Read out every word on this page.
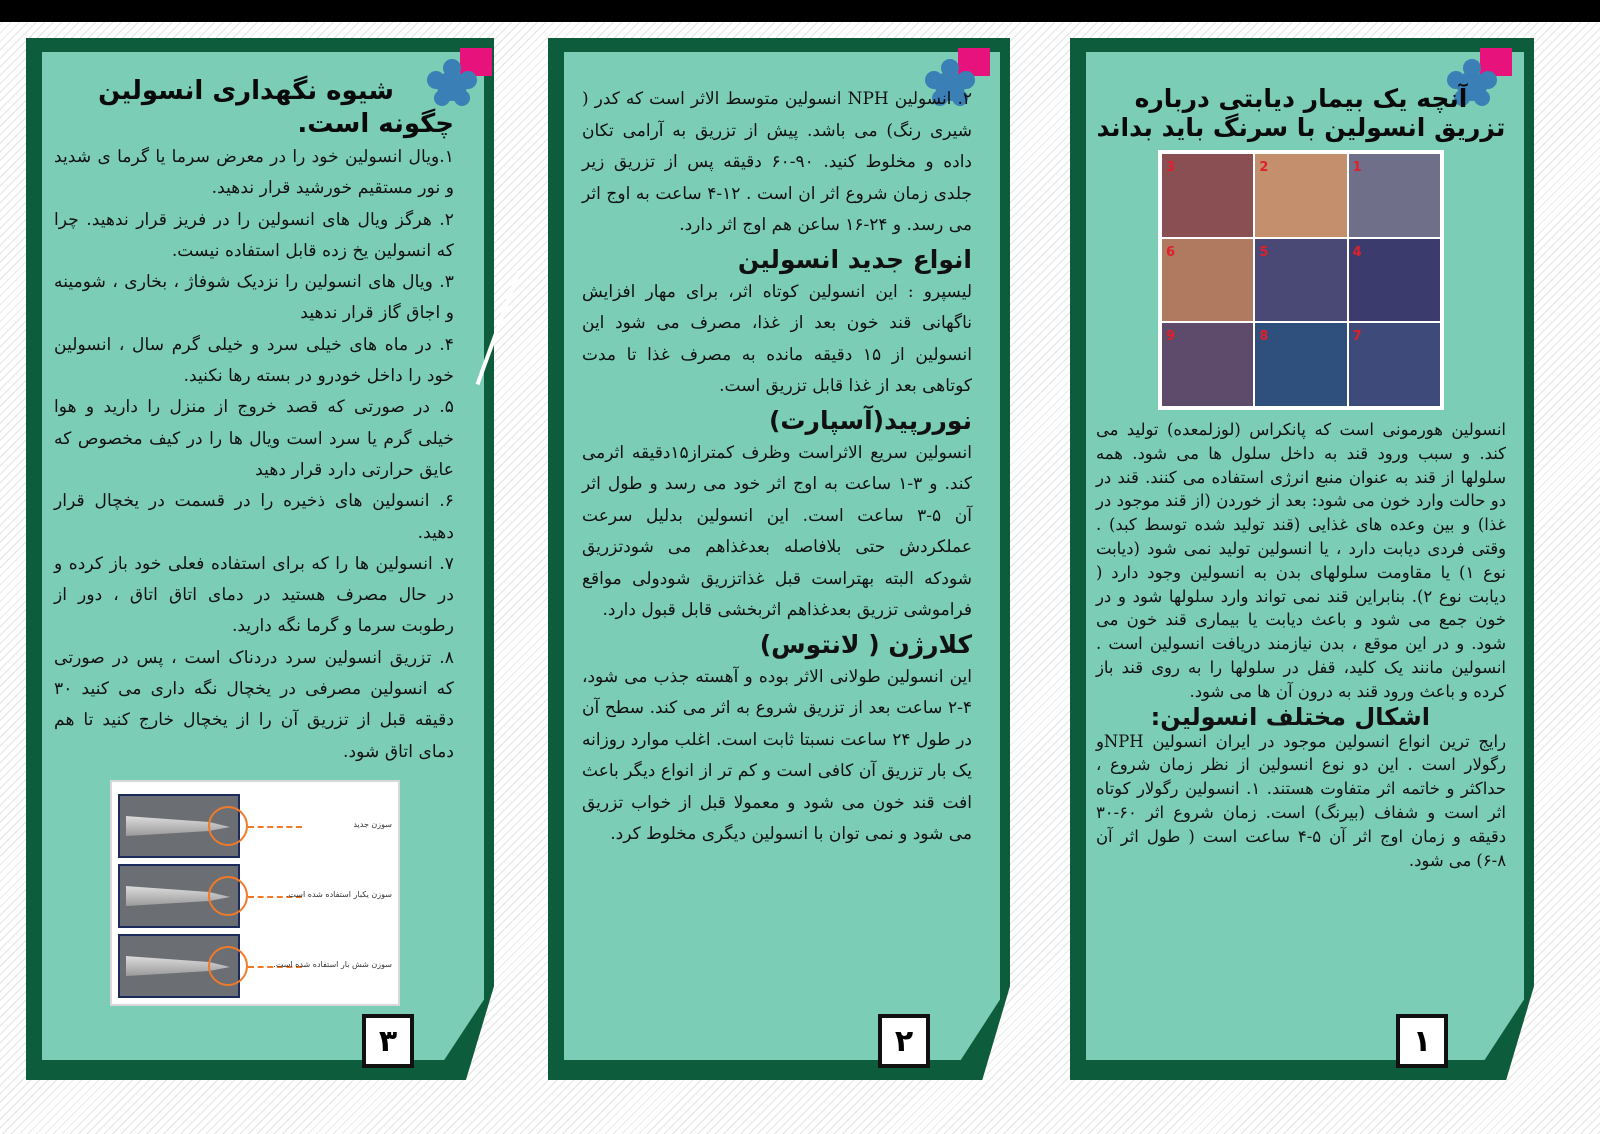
شیوه نگهداری انسولین

چگونه است.

۱.ویال انسولین خود را در معرض سرما یا گرما ی شدید و نور مستقیم خورشید قرار ندهید.

۲. هرگز ویال های انسولین را در فریز قرار ندهید. چرا که انسولین یخ زده قابل استفاده نیست.

۳. ویال های انسولین را نزدیک شوفاژ ، بخاری ، شومینه و اجاق گاز قرار ندهید

۴. در ماه های خیلی سرد و خیلی گرم سال ، انسولین خود را داخل خودرو در بسته رها نکنید.

۵. در صورتی که قصد خروج از منزل را دارید و هوا خیلی گرم یا سرد است ویال ها را در کیف مخصوص که عایق حرارتی دارد قرار دهید

۶. انسولین های ذخیره را در قسمت در یخچال قرار دهید.

۷. انسولین ها را که برای استفاده فعلی خود باز کرده و در حال مصرف هستید در دمای اتاق اتاق ، دور از رطوبت سرما و گرما نگه دارید.

۸. تزریق انسولین سرد دردناک است ، پس در صورتی که انسولین مصرفی در یخچال نگه داری می کنید ۳۰ دقیقه قبل از تزریق آن را از یخچال خارج کنید تا هم دمای اتاق شود.

سوزن جدید
سوزن یکبار استفاده شده است.
سوزن شش بار استفاده شده است.
۳

۲. انسولین NPH انسولین متوسط الاثر است که کدر ( شیری رنگ) می باشد. پیش از تزریق به آرامی تکان داده و مخلوط کنید. ۹۰-۶۰ دقیقه پس از تزریق زیر جلدی زمان شروع اثر ان است . ۱۲-۴ ساعت به اوج اثر می رسد. و ۲۴-۱۶ ساعن هم اوج اثر دارد.

انواع جدید انسولین

لیسپرو : این انسولین کوتاه اثر، برای مهار افزایش ناگهانی قند خون بعد از غذا، مصرف می شود این انسولین از ۱۵ دقیقه مانده به مصرف غذا تا مدت کوتاهی بعد از غذا قابل تزریق است.

نوررپید(آسپارت)

انسولین سریع الاثراست وظرف کمتراز۱۵دقیقه اثرمی کند. و ۳-۱ ساعت به اوج اثر خود می رسد و طول اثر آن ۵-۳ ساعت است. این انسولین بدلیل سرعت عملکردش حتی بلافاصله بعدغذاهم می شودتزریق شودکه البته بهتراست قبل غذاتزریق شودولی مواقع فراموشی تزریق بعدغذاهم اثربخشی قابل قبول دارد.

کلارژن ( لانتوس)

این انسولین طولانی الاثر بوده و آهسته جذب می شود، ۴-۲ ساعت بعد از تزریق شروع به اثر می کند. سطح آن در طول ۲۴ ساعت نسبتا ثابت است. اغلب موارد روزانه یک بار تزریق آن کافی است و کم تر از انواع دیگر باعث افت قند خون می شود و معمولا قبل از خواب تزریق می شود و نمی توان با انسولین دیگری مخلوط کرد.

۲

آنچه یک بیمار دیابتی درباره

تزریق انسولین با سرنگ باید بداند

1
2
3
4
5
6
7
8
9

انسولین هورمونی است که پانکراس (لوزلمعده) تولید می کند. و سبب ورود قند به داخل سلول ها می شود. همه سلولها از قند به عنوان منبع انرژی استفاده می کنند. قند در دو حالت وارد خون می شود: بعد از خوردن (از قند موجود در غذا) و بین وعده های غذایی (قند تولید شده توسط کبد) . وقتی فردی دیابت دارد ، یا انسولین تولید نمی شود (دیابت نوع ۱) یا مقاومت سلولهای بدن به انسولین وجود دارد ( دیابت نوع ۲). بنابراین قند نمی تواند وارد سلولها شود و در خون جمع می شود و باعث دیابت یا بیماری قند خون می شود. و در این موقع ، بدن نیازمند دریافت انسولین است . انسولین مانند یک کلید، قفل در سلولها را به روی قند باز کرده و باعث ورود قند به درون آن ها می شود.

اشکال مختلف انسولین:

رایج ترین انواع انسولین موجود در ایران انسولین NPHو رگولار است . این دو نوع انسولین از نظر زمان شروع ، حداکثر و خاتمه اثر متفاوت هستند. ۱. انسولین رگولار کوتاه اثر است و شفاف (بیرنگ) است. زمان شروع اثر ۶۰-۳۰ دقیقه و زمان اوج اثر آن ۵-۴ ساعت است ( طول اثر آن ۸-۶) می شود.

۱
